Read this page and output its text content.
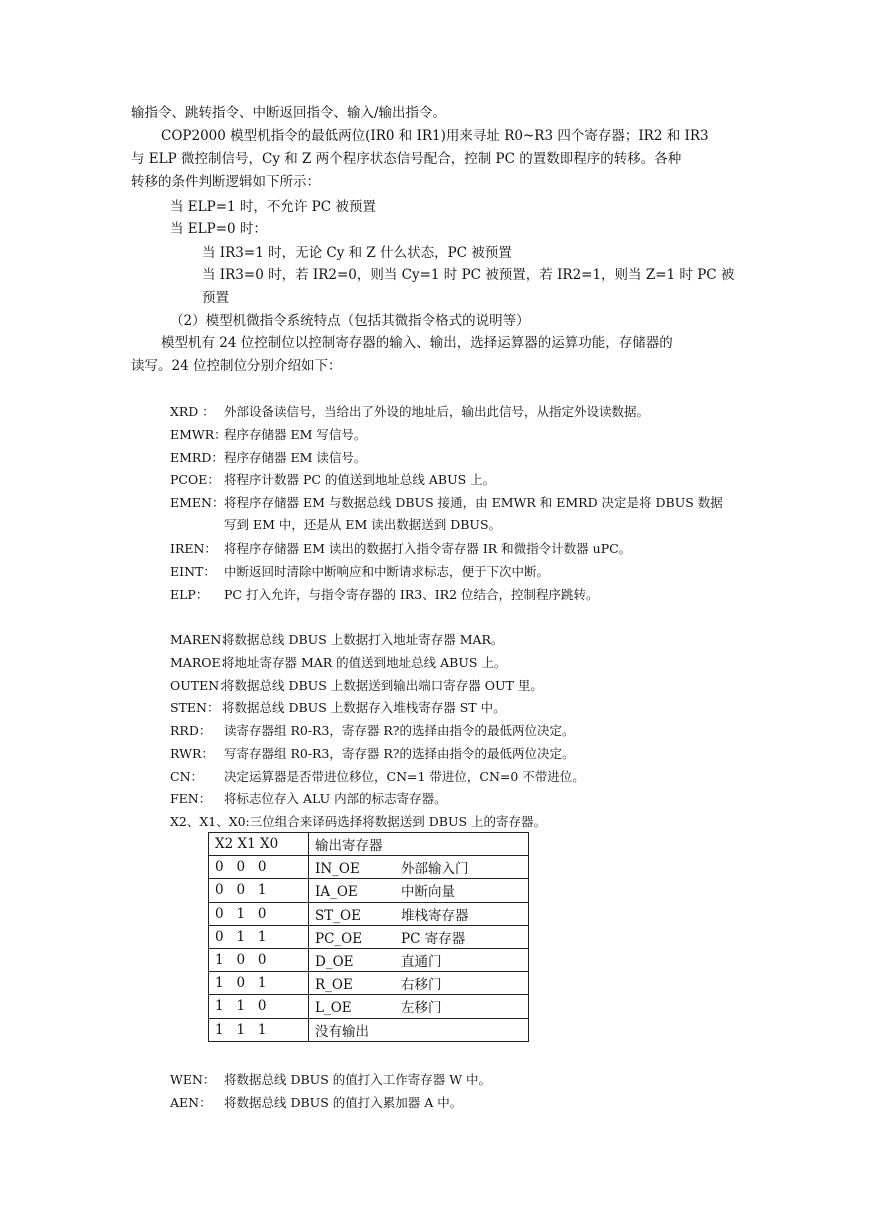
输指令、跳转指令、中断返回指令、输入/输出指令。
COP2000 模型机指令的最低两位(IR0 和 IR1)用来寻址 R0~R3 四个寄存器；IR2 和 IR3
与 ELP 微控制信号，Cy 和 Z 两个程序状态信号配合，控制 PC 的置数即程序的转移。各种
转移的条件判断逻辑如下所示：
当 ELP=1 时，不允许 PC 被预置
当 ELP=0 时：
当 IR3=1 时，无论 Cy 和 Z 什么状态，PC 被预置
当 IR3=0 时，若 IR2=0，则当 Cy=1 时 PC 被预置，若 IR2=1，则当 Z=1 时 PC 被
预置
（2）模型机微指令系统特点（包括其微指令格式的说明等）
模型机有 24 位控制位以控制寄存器的输入、输出，选择运算器的运算功能，存储器的
读写。24 位控制位分别介绍如下：
XRD ： 外部设备读信号，当给出了外设的地址后，输出此信号，从指定外设读数据。
EMWR：
程序存储器 EM 写信号。
EMRD： 程序存储器 EM 读信号。
PCOE： 将程序计数器 PC 的值送到地址总线 ABUS 上。
EMEN： 将程序存储器 EM 与数据总线 DBUS 接通，由 EMWR 和 EMRD 决定是将 DBUS 数据
写到 EM 中，还是从 EM 读出数据送到 DBUS。
IREN： 将程序存储器 EM 读出的数据打入指令寄存器 IR 和微指令计数器 uPC。
EINT： 中断返回时清除中断响应和中断请求标志，便于下次中断。
ELP： PC 打入允许，与指令寄存器的 IR3、IR2 位结合，控制程序跳转。
MAREN：
将数据总线 DBUS 上数据打入地址寄存器 MAR。
MAROE：
将地址寄存器 MAR 的值送到地址总线 ABUS 上。
OUTEN：
将数据总线 DBUS 上数据送到输出端口寄存器 OUT 里。
STEN： 将数据总线 DBUS 上数据存入堆栈寄存器 ST 中。
RRD： 读寄存器组 R0-R3，寄存器 R?的选择由指令的最低两位决定。
RWR： 写寄存器组 R0-R3，寄存器 R?的选择由指令的最低两位决定。
CN： 决定运算器是否带进位移位，CN=1 带进位，CN=0 不带进位。
FEN： 将标志位存入 ALU 内部的标志寄存器。
X2、X1、X0:三位组合来译码选择将数据送到 DBUS 上的寄存器。
WEN： 将数据总线 DBUS 的值打入工作寄存器 W 中。
AEN： 将数据总线 DBUS 的值打入累加器 A 中。
X2 X1 X0	输出寄存器
0   0   0	IN_OE 外部输入门
0   0   1	IA_OE 中断向量
0   1   0	ST_OE 堆栈寄存器
0   1   1	PC_OE PC 寄存器
1   0   0	D_OE 直通门
1   0   1	R_OE 右移门
1   1   0	L_OE 左移门
1   1   1	没有输出
